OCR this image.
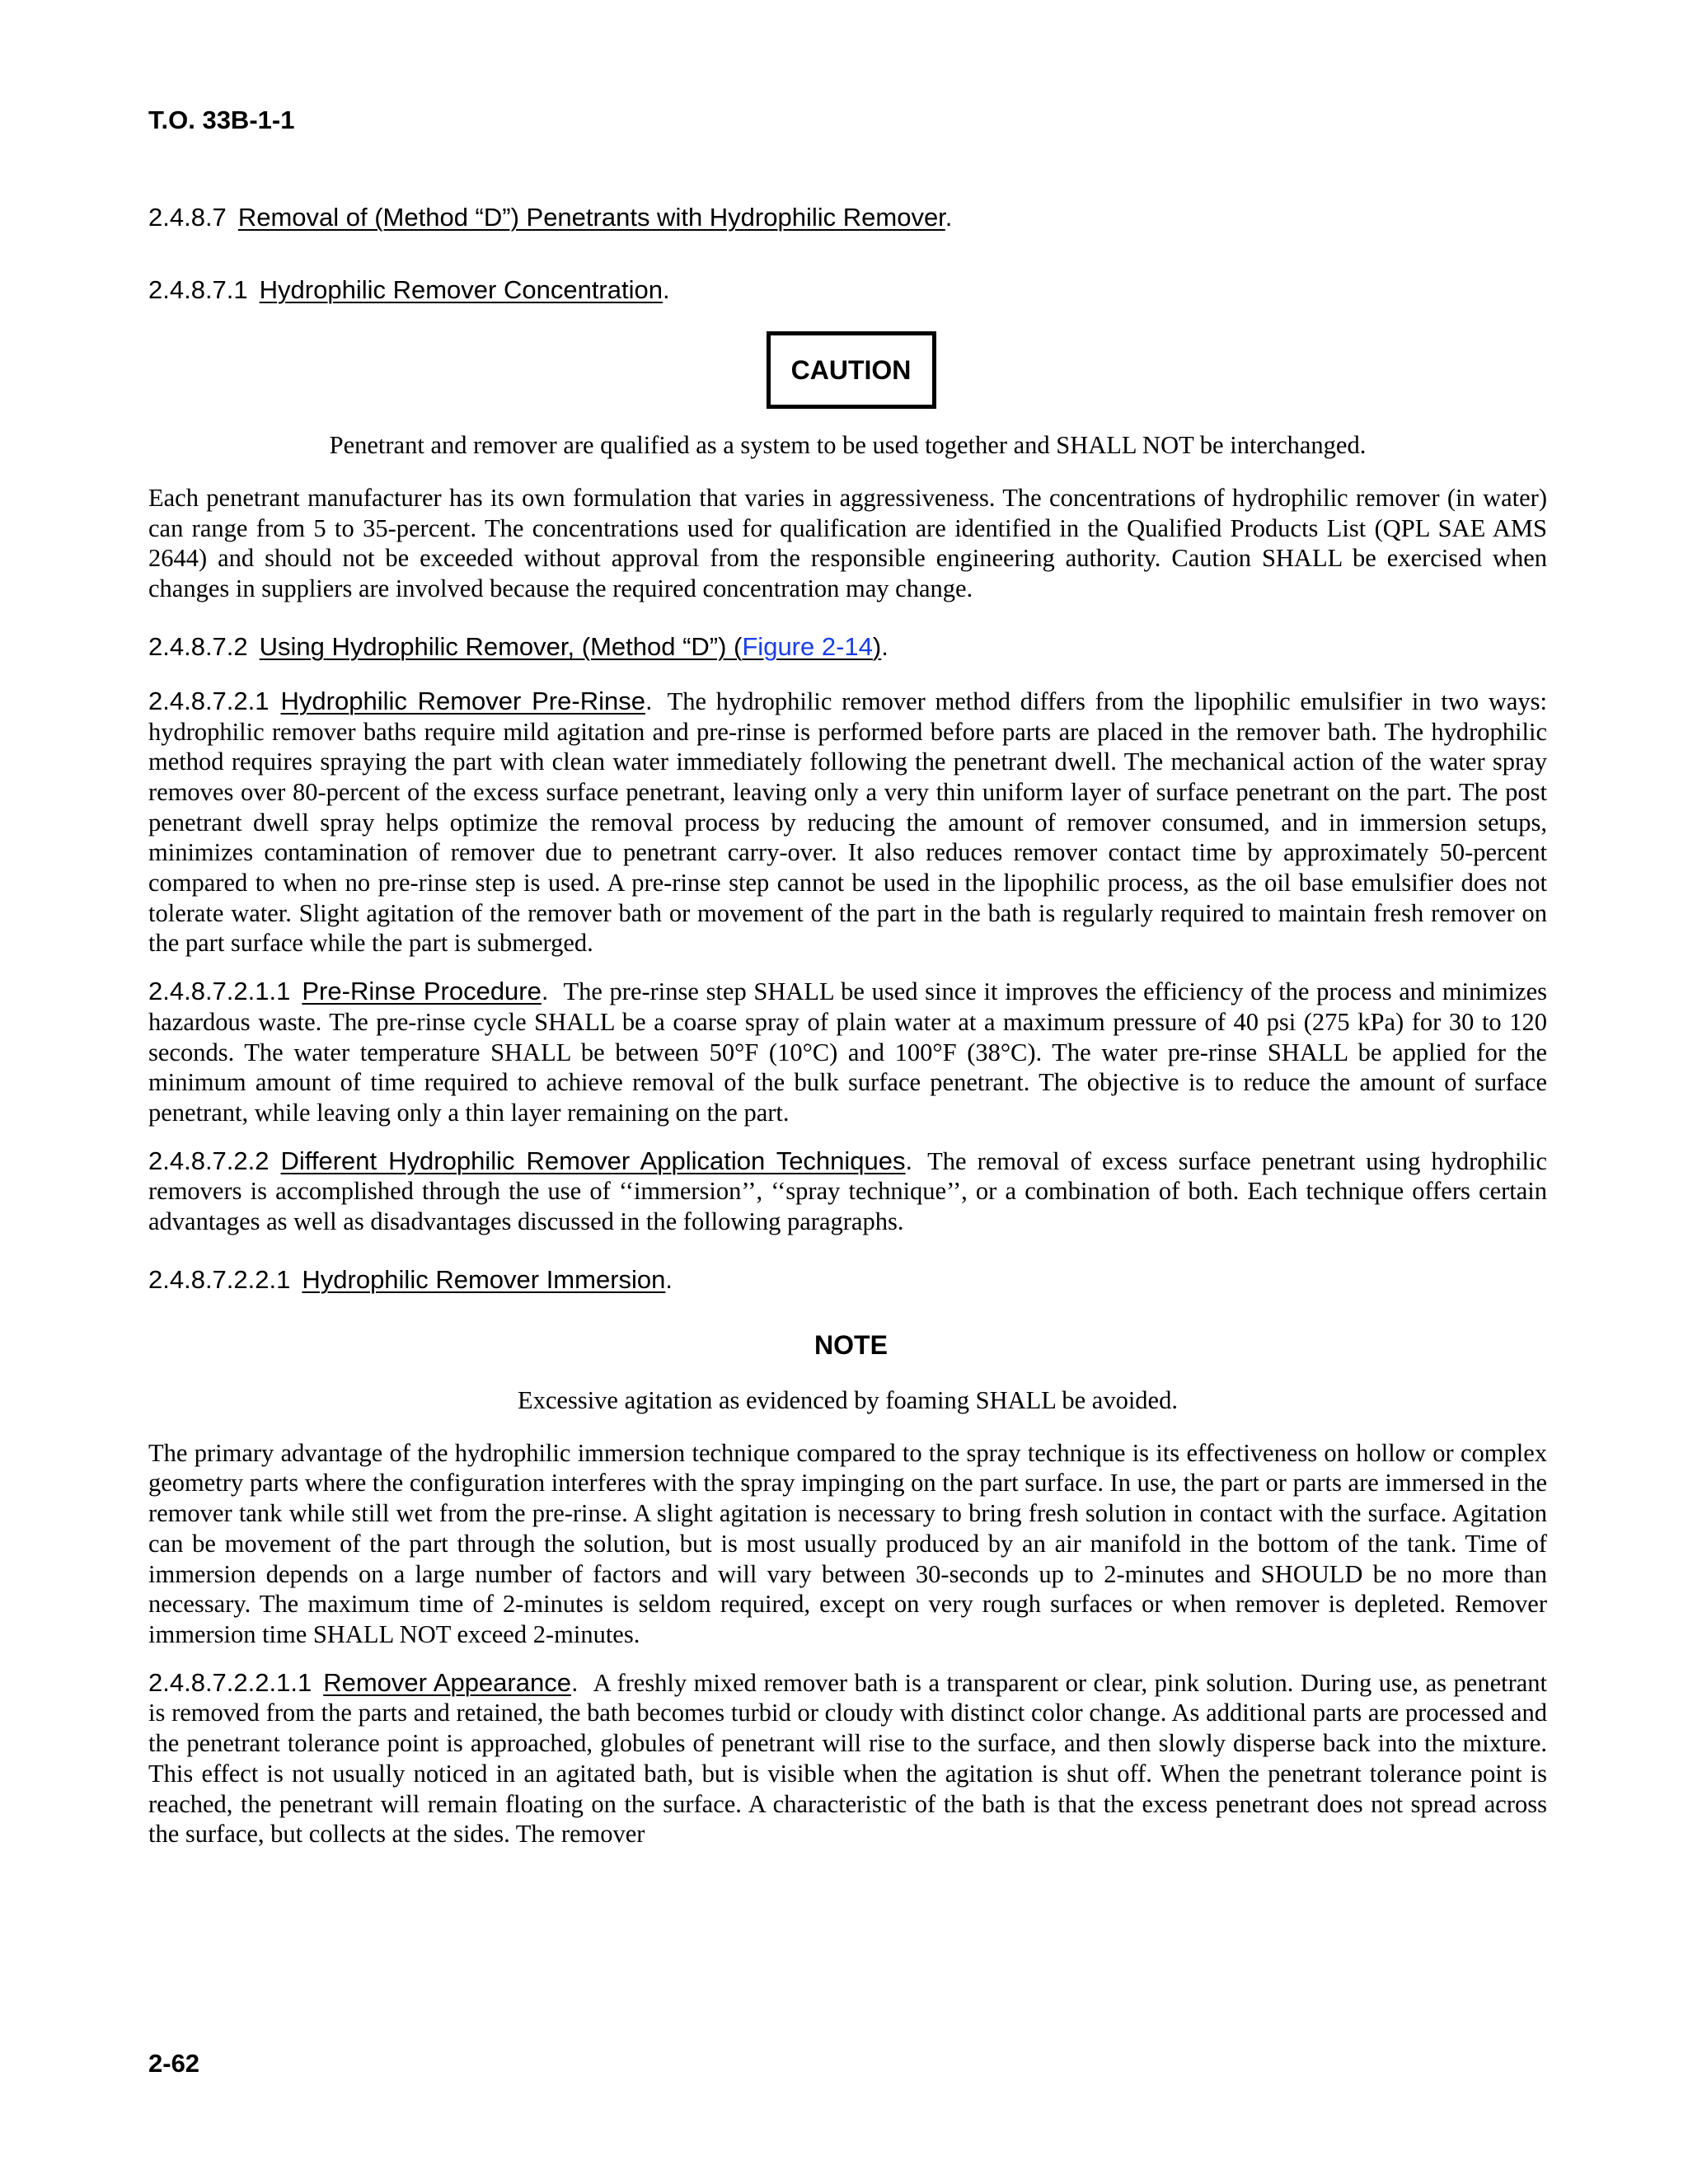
T.O. 33B-1-1

2.4.8.7 Removal of (Method “D”) Penetrants with Hydrophilic Remover.

2.4.8.7.1 Hydrophilic Remover Concentration.

CAUTION

Penetrant and remover are qualified as a system to be used together and SHALL NOT be interchanged.

Each penetrant manufacturer has its own formulation that varies in aggressiveness. The concentrations of hydrophilic remover (in water) can range from 5 to 35-percent. The concentrations used for qualification are identified in the Qualified Products List (QPL SAE AMS 2644) and should not be exceeded without approval from the responsible engineering authority. Caution SHALL be exercised when changes in suppliers are involved because the required concentration may change.

2.4.8.7.2 Using Hydrophilic Remover, (Method “D”) (Figure 2-14).

2.4.8.7.2.1 Hydrophilic Remover Pre-Rinse. The hydrophilic remover method differs from the lipophilic emulsifier in two ways: hydrophilic remover baths require mild agitation and pre-rinse is performed before parts are placed in the remover bath. The hydrophilic method requires spraying the part with clean water immediately following the penetrant dwell. The mechanical action of the water spray removes over 80-percent of the excess surface penetrant, leaving only a very thin uniform layer of surface penetrant on the part. The post penetrant dwell spray helps optimize the removal process by reducing the amount of remover consumed, and in immersion setups, minimizes contamination of remover due to penetrant carry-over. It also reduces remover contact time by approximately 50-percent compared to when no pre-rinse step is used. A pre-rinse step cannot be used in the lipophilic process, as the oil base emulsifier does not tolerate water. Slight agitation of the remover bath or movement of the part in the bath is regularly required to maintain fresh remover on the part surface while the part is submerged.

2.4.8.7.2.1.1 Pre-Rinse Procedure. The pre-rinse step SHALL be used since it improves the efficiency of the process and minimizes hazardous waste. The pre-rinse cycle SHALL be a coarse spray of plain water at a maximum pressure of 40 psi (275 kPa) for 30 to 120 seconds. The water temperature SHALL be between 50°F (10°C) and 100°F (38°C). The water pre-rinse SHALL be applied for the minimum amount of time required to achieve removal of the bulk surface penetrant. The objective is to reduce the amount of surface penetrant, while leaving only a thin layer remaining on the part.

2.4.8.7.2.2 Different Hydrophilic Remover Application Techniques. The removal of excess surface penetrant using hydrophilic removers is accomplished through the use of ‘‘immersion’’, ‘‘spray technique’’, or a combination of both. Each technique offers certain advantages as well as disadvantages discussed in the following paragraphs.

2.4.8.7.2.2.1 Hydrophilic Remover Immersion.

NOTE

Excessive agitation as evidenced by foaming SHALL be avoided.

The primary advantage of the hydrophilic immersion technique compared to the spray technique is its effectiveness on hollow or complex geometry parts where the configuration interferes with the spray impinging on the part surface. In use, the part or parts are immersed in the remover tank while still wet from the pre-rinse. A slight agitation is necessary to bring fresh solution in contact with the surface. Agitation can be movement of the part through the solution, but is most usually produced by an air manifold in the bottom of the tank. Time of immersion depends on a large number of factors and will vary between 30-seconds up to 2-minutes and SHOULD be no more than necessary. The maximum time of 2-minutes is seldom required, except on very rough surfaces or when remover is depleted. Remover immersion time SHALL NOT exceed 2-minutes.

2.4.8.7.2.2.1.1 Remover Appearance. A freshly mixed remover bath is a transparent or clear, pink solution. During use, as penetrant is removed from the parts and retained, the bath becomes turbid or cloudy with distinct color change. As additional parts are processed and the penetrant tolerance point is approached, globules of penetrant will rise to the surface, and then slowly disperse back into the mixture. This effect is not usually noticed in an agitated bath, but is visible when the agitation is shut off. When the penetrant tolerance point is reached, the penetrant will remain floating on the surface. A characteristic of the bath is that the excess penetrant does not spread across the surface, but collects at the sides. The remover

2-62
